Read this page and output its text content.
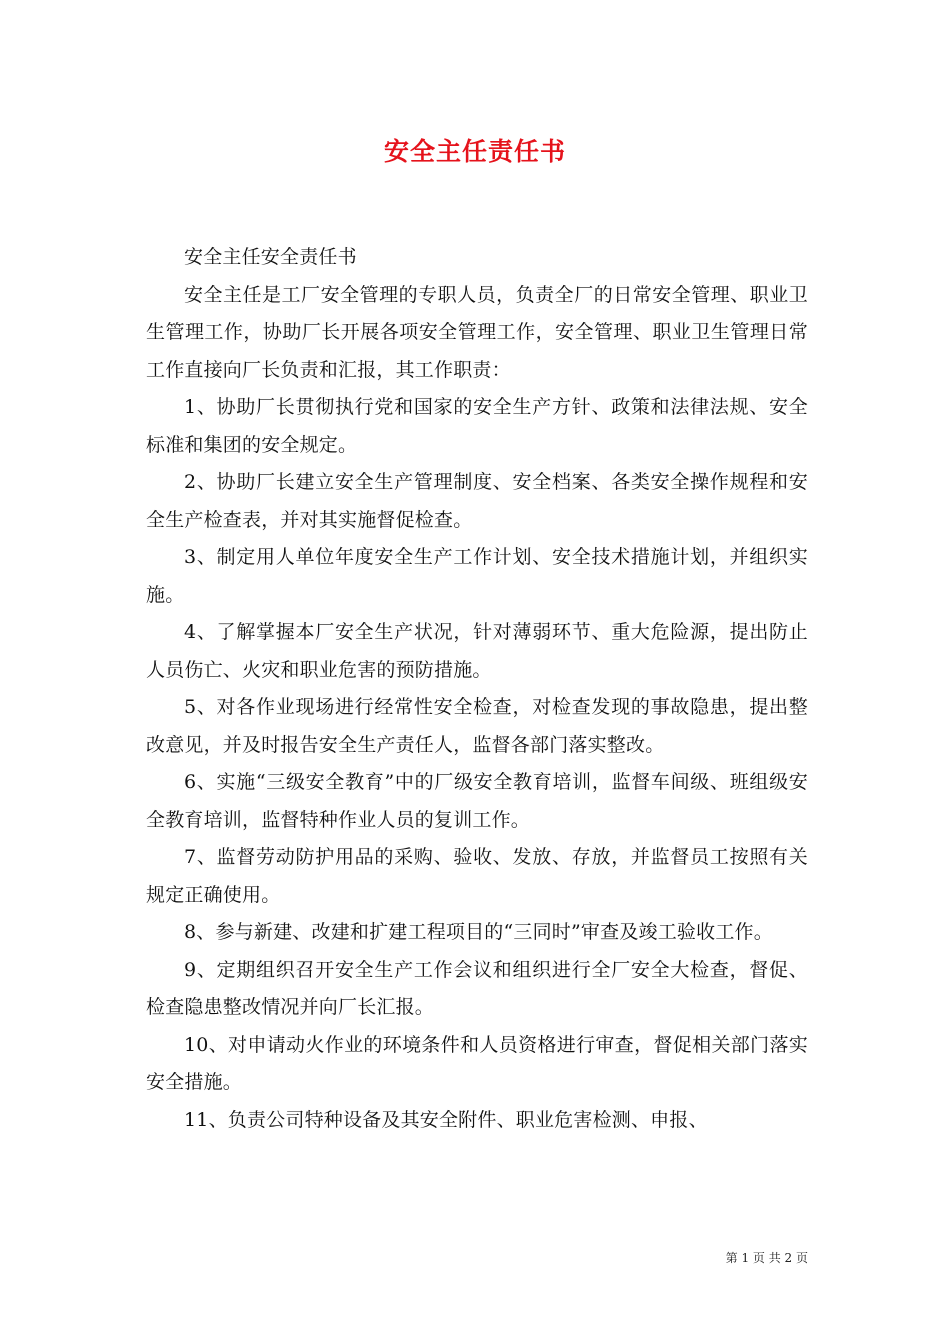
安全主任责任书

安全主任安全责任书

安全主任是工厂安全管理的专职人员，负责全厂的日常安全管理、职业卫生管理工作，协助厂长开展各项安全管理工作，安全管理、职业卫生管理日常工作直接向厂长负责和汇报，其工作职责：

1、协助厂长贯彻执行党和国家的安全生产方针、政策和法律法规、安全标准和集团的安全规定。

2、协助厂长建立安全生产管理制度、安全档案、各类安全操作规程和安全生产检查表，并对其实施督促检查。

3、制定用人单位年度安全生产工作计划、安全技术措施计划，并组织实施。

4、了解掌握本厂安全生产状况，针对薄弱环节、重大危险源，提出防止人员伤亡、火灾和职业危害的预防措施。

5、对各作业现场进行经常性安全检查，对检查发现的事故隐患，提出整改意见，并及时报告安全生产责任人，监督各部门落实整改。

6、实施“三级安全教育”中的厂级安全教育培训，监督车间级、班组级安全教育培训，监督特种作业人员的复训工作。

7、监督劳动防护用品的采购、验收、发放、存放，并监督员工按照有关规定正确使用。

8、参与新建、改建和扩建工程项目的“三同时”审查及竣工验收工作。

9、定期组织召开安全生产工作会议和组织进行全厂安全大检查，督促、检查隐患整改情况并向厂长汇报。

10、对申请动火作业的环境条件和人员资格进行审查，督促相关部门落实安全措施。

11、负责公司特种设备及其安全附件、职业危害检测、申报、

第 1 页 共 2 页
